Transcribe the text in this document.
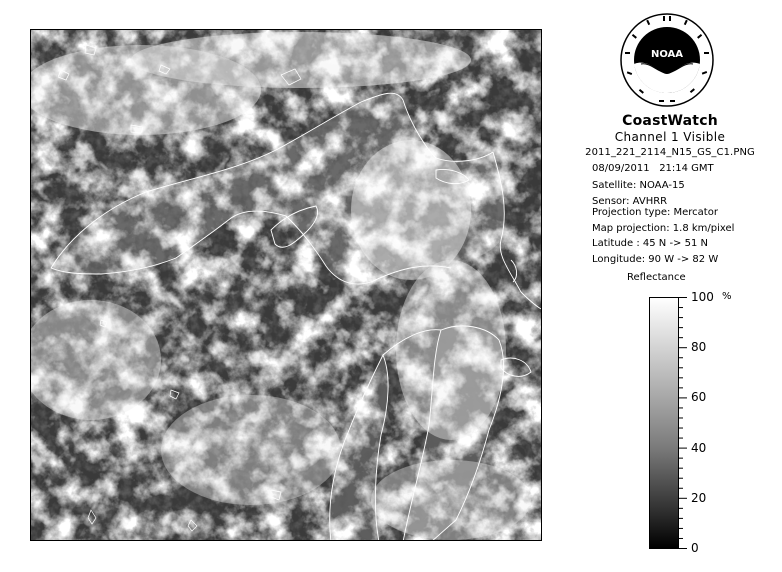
NOAA
CoastWatch
Channel 1 Visible
2011_221_2114_N15_GS_C1.PNG
08/09/2011 21:14 GMT
Satellite: NOAA-15
Sensor: AVHRR
Projection type: Mercator
Map projection: 1.8 km/pixel
Latitude : 45 N -> 51 N
Longitude: 90 W -> 82 W
Reflectance
100
80
60
40
20
0
%
